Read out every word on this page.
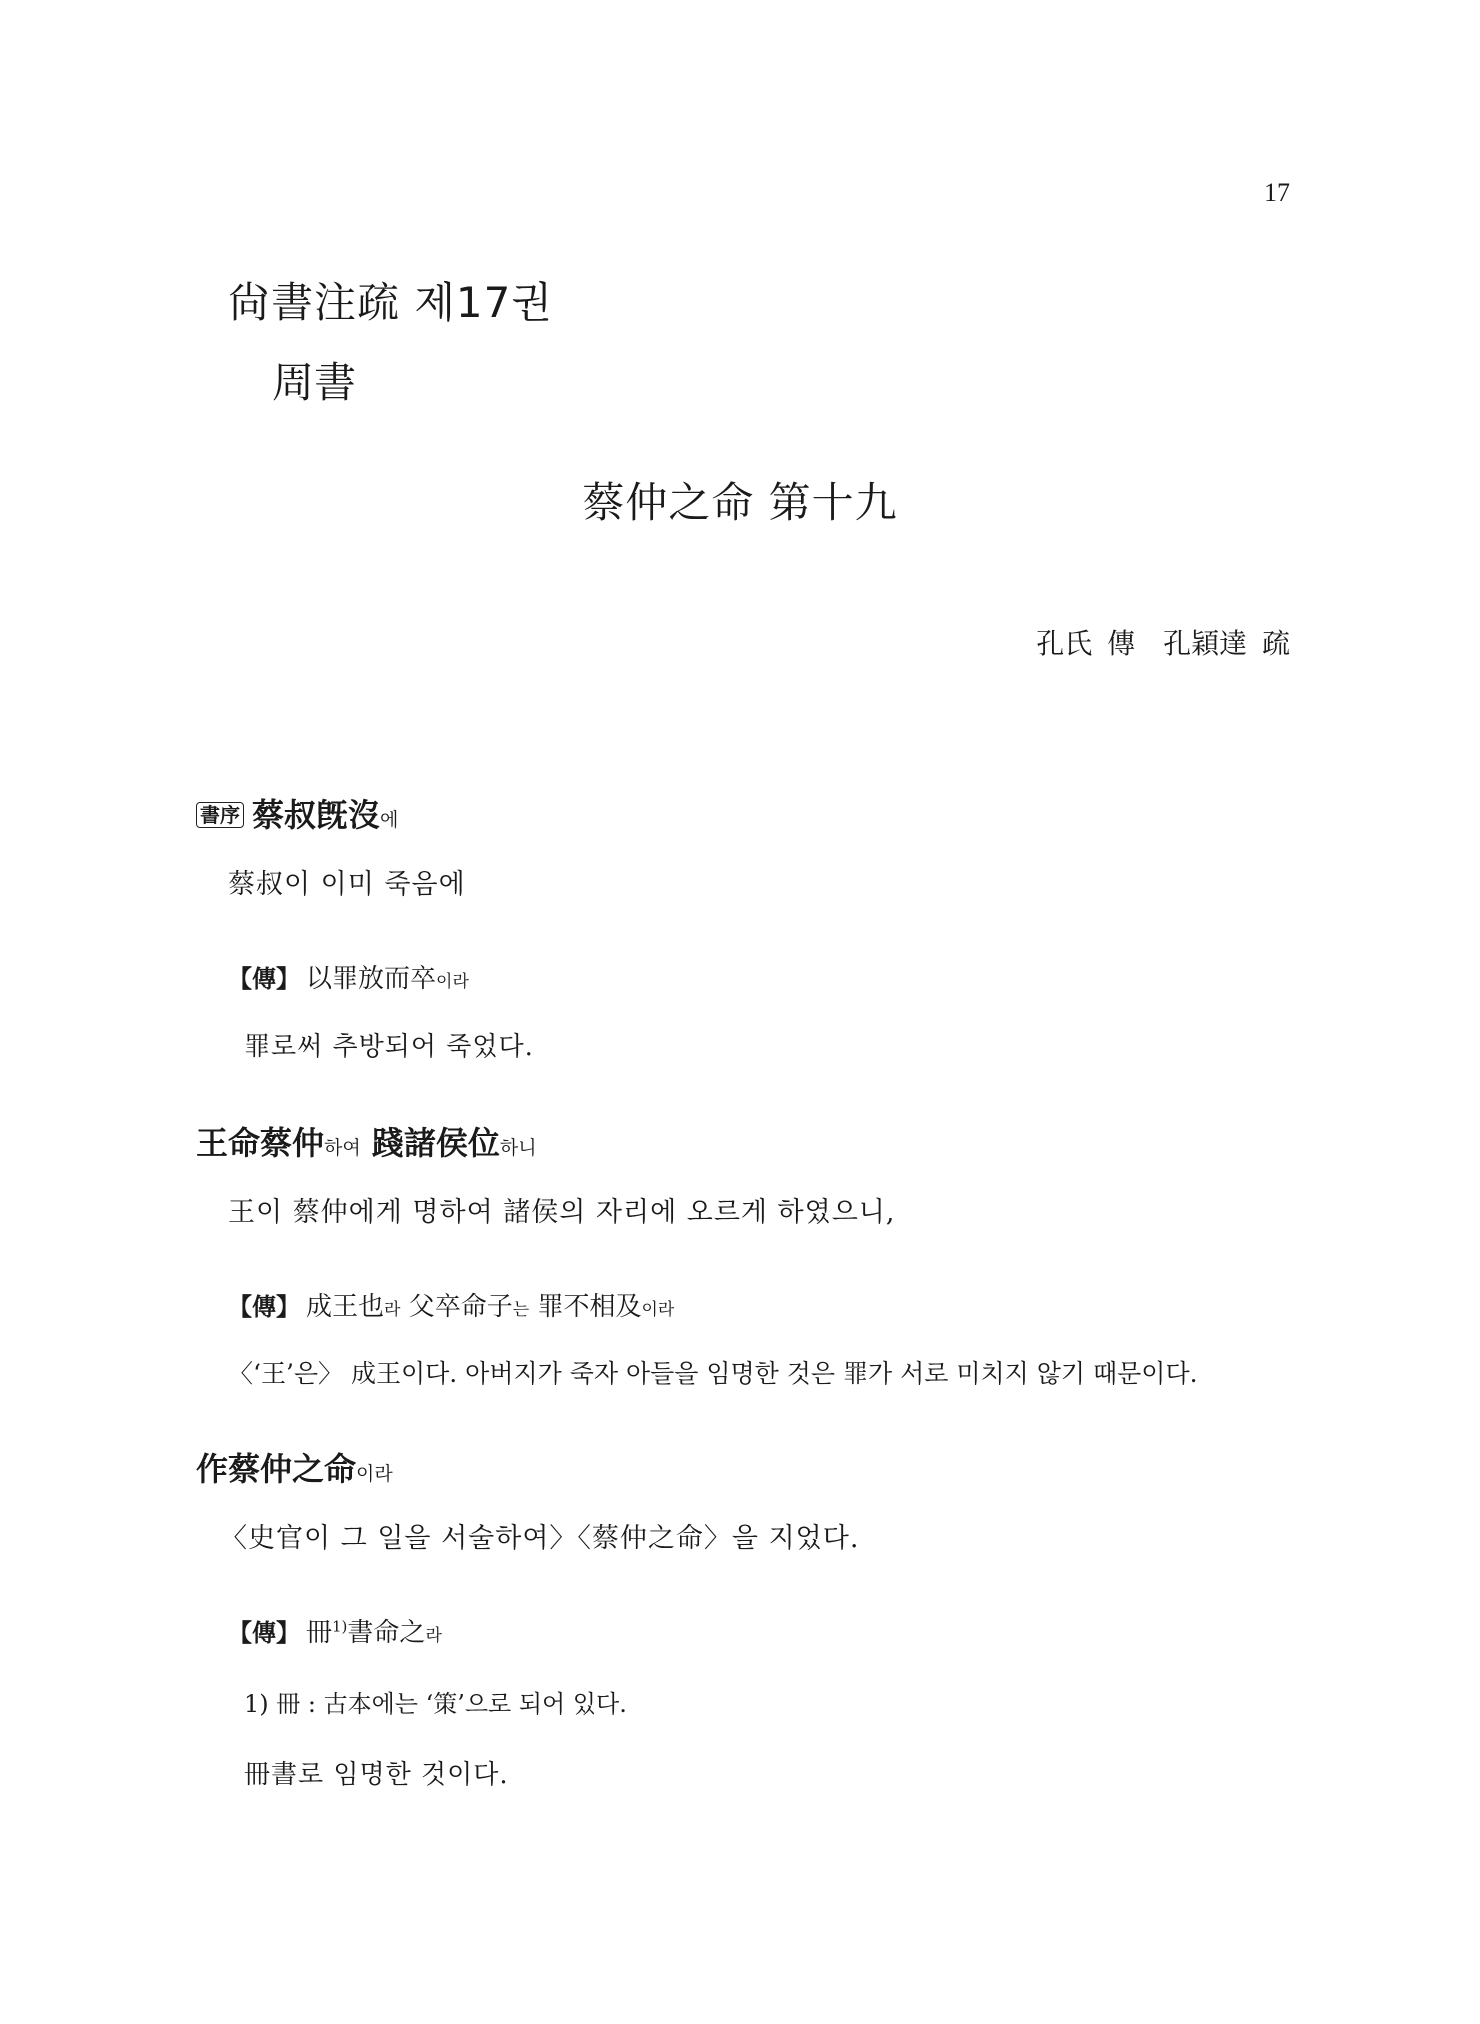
17
尙書注疏 제17권
周書
蔡仲之命 第十九
孔氏 傳　孔穎達 疏
書序 蔡叔旣沒에
蔡叔이 이미 죽음에
【傳】 以罪放而卒이라
罪로써 추방되어 죽었다.
王命蔡仲하여 踐諸侯位하니
王이 蔡仲에게 명하여 諸侯의 자리에 오르게 하였으니,
【傳】 成王也라 父卒命子는 罪不相及이라
〈‘王’은〉 成王이다. 아버지가 죽자 아들을 임명한 것은 罪가 서로 미치지 않기 때문이다.
作蔡仲之命이라
〈史官이 그 일을 서술하여〉〈蔡仲之命〉을 지었다.
【傳】 冊$^{1)}$書命之라
1) 冊 : 古本에는 ‘策’으로 되어 있다.
冊書로 임명한 것이다.
